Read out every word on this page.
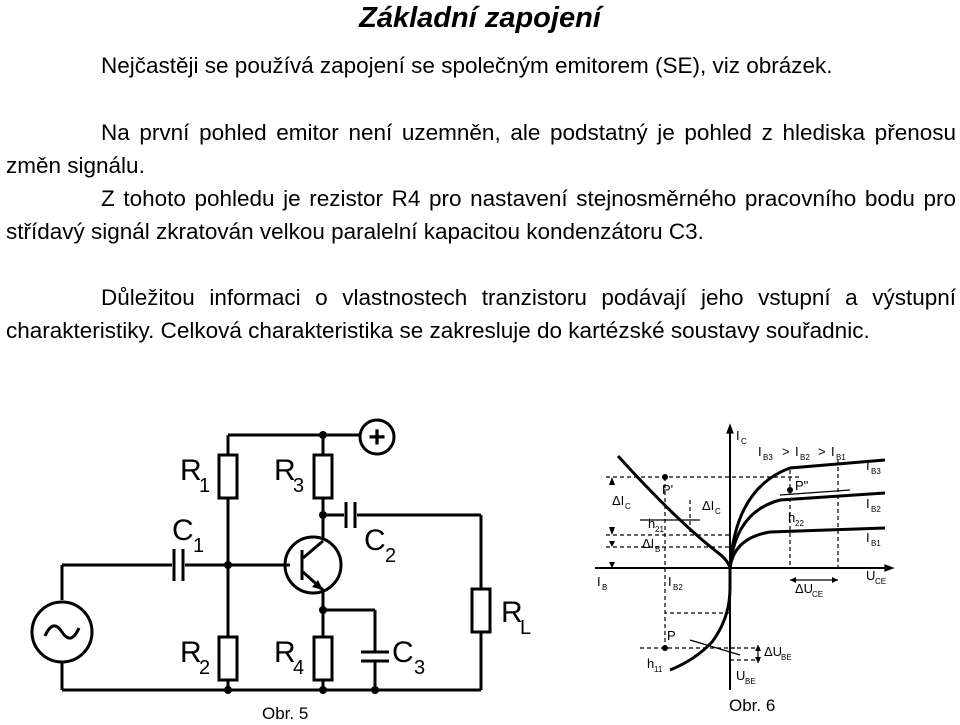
Základní zapojení

Nejčastěji se používá zapojení se společným emitorem (SE), viz obrázek.

Na první pohled emitor není uzemněn, ale podstatný je pohled z hlediska přenosu změn signálu.

Z tohoto pohledu je rezistor R4 pro nastavení stejnosměrného pracovního bodu pro střídavý signál zkratován velkou paralelní kapacitou kondenzátoru C3.

Důležitou informaci o vlastnostech tranzistoru podávají jeho vstupní a výstupní charakteristiky. Celková charakteristika se zakresluje do kartézské soustavy souřadnic.

+
R
1 R
3
C 1	C 2
R
L
R
2 R
4	C 3
Obr. 5
I C
I B3 > I B2 > I B1
I B3
I B2
I B1
ΔI C	ΔI C
P'	P"
h 21
h 22
ΔI B
I B	I B2
U CE
ΔU
CE
P
h 11
ΔU
BE
U BE
Obr. 6
